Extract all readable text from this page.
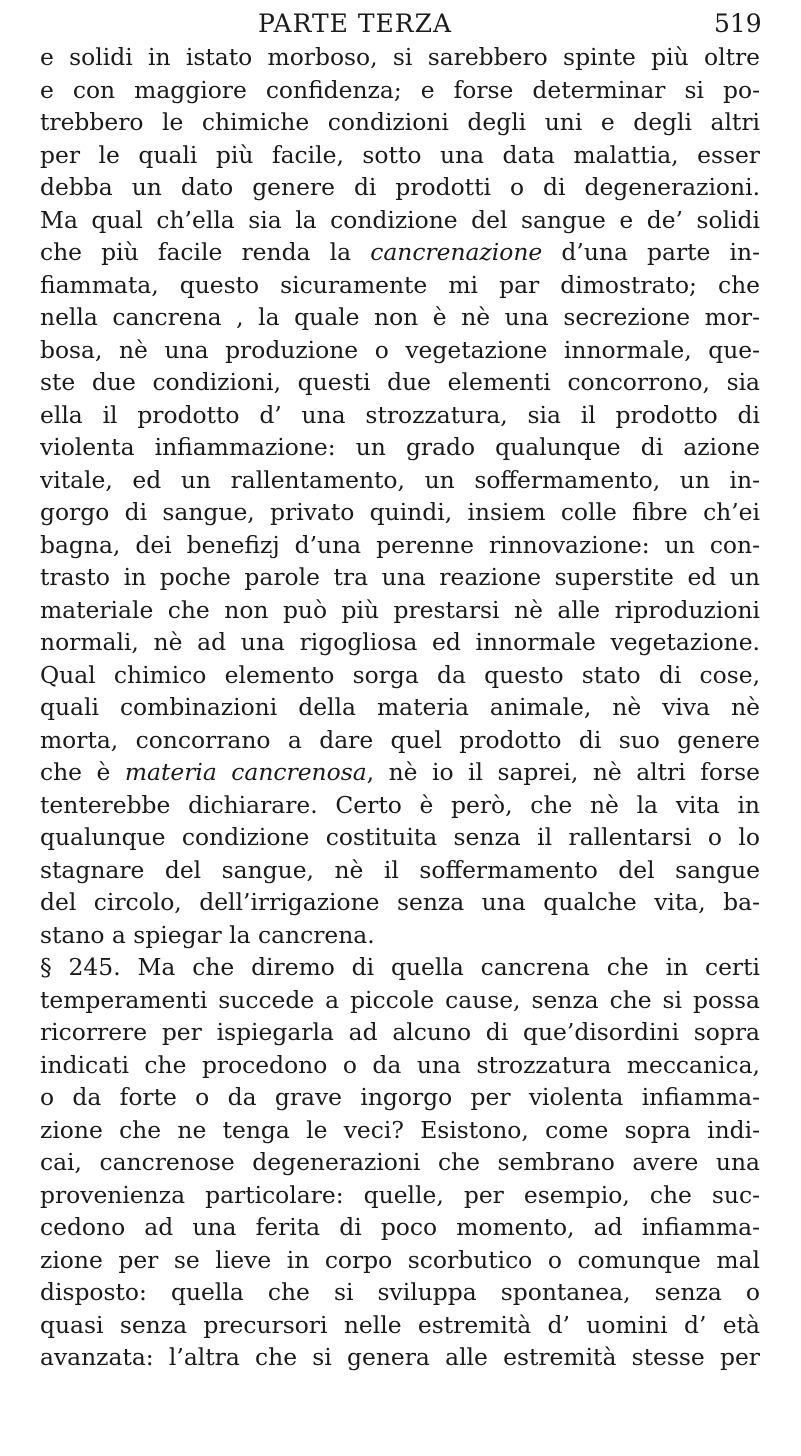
PARTE TERZA	519
e solidi in istato morboso, si sarebbero spinte più oltre
e con maggiore confidenza; e forse determinar si po-
trebbero le chimiche condizioni degli uni e degli altri
per le quali più facile, sotto una data malattia, esser
debba un dato genere di prodotti o di degenerazioni.
Ma qual ch’ella sia la condizione del sangue e de’ solidi
che più facile renda la cancrenazione d’una parte in-
fiammata, questo sicuramente mi par dimostrato; che
nella cancrena , la quale non è nè una secrezione mor-
bosa, nè una produzione o vegetazione innormale, que-
ste due condizioni, questi due elementi concorrono, sia
ella il prodotto d’ una strozzatura, sia il prodotto di
violenta infiammazione: un grado qualunque di azione
vitale, ed un rallentamento, un soffermamento, un in-
gorgo di sangue, privato quindi, insiem colle fibre ch’ei
bagna, dei benefizj d’una perenne rinnovazione: un con-
trasto in poche parole tra una reazione superstite ed un
materiale che non può più prestarsi nè alle riproduzioni
normali, nè ad una rigogliosa ed innormale vegetazione.
Qual chimico elemento sorga da questo stato di cose,
quali combinazioni della materia animale, nè viva nè
morta, concorrano a dare quel prodotto di suo genere
che è materia cancrenosa, nè io il saprei, nè altri forse
tenterebbe dichiarare. Certo è però, che nè la vita in
qualunque condizione costituita senza il rallentarsi o lo
stagnare del sangue, nè il soffermamento del sangue
del circolo, dell’irrigazione senza una qualche vita, ba-
stano a spiegar la cancrena.
§ 245. Ma che diremo di quella cancrena che in certi
temperamenti succede a piccole cause, senza che si possa
ricorrere per ispiegarla ad alcuno di que’disordini sopra
indicati che procedono o da una strozzatura meccanica,
o da forte o da grave ingorgo per violenta infiamma-
zione che ne tenga le veci? Esistono, come sopra indi-
cai, cancrenose degenerazioni che sembrano avere una
provenienza particolare: quelle, per esempio, che suc-
cedono ad una ferita di poco momento, ad infiamma-
zione per se lieve in corpo scorbutico o comunque mal
disposto: quella che si sviluppa spontanea, senza o
quasi senza precursori nelle estremità d’ uomini d’ età
avanzata: l’altra che si genera alle estremità stesse per
